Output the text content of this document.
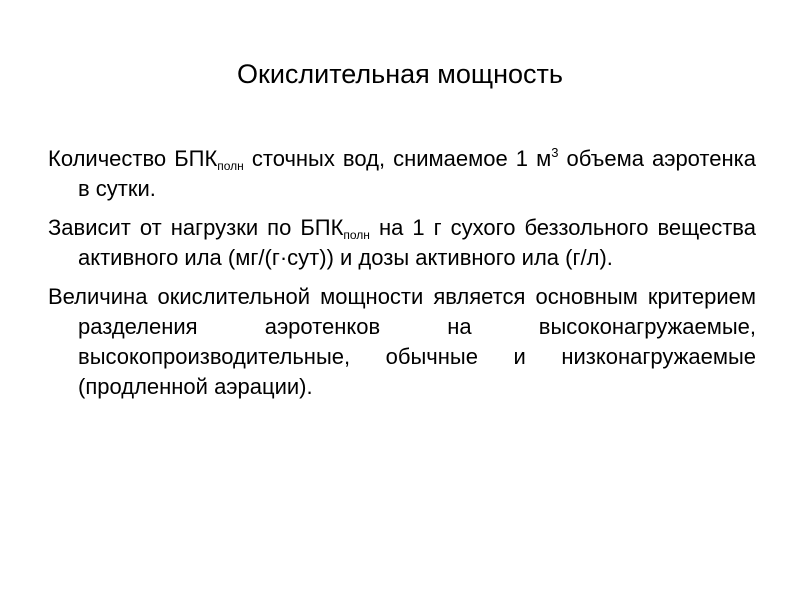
Окислительная мощность

Количество БПКполн сточных вод, снимаемое 1 $м^3$ объема аэротенка в сутки.

Зависит от нагрузки по БПКполн на 1 г сухого беззольного вещества активного ила (мг/(г·сут)) и дозы активного ила (г/л).

Величина окислительной мощности является основным критерием разделения аэротенков на высоконагружаемые, высокопроизводительные, обычные и низконагружаемые (продленной аэрации).
